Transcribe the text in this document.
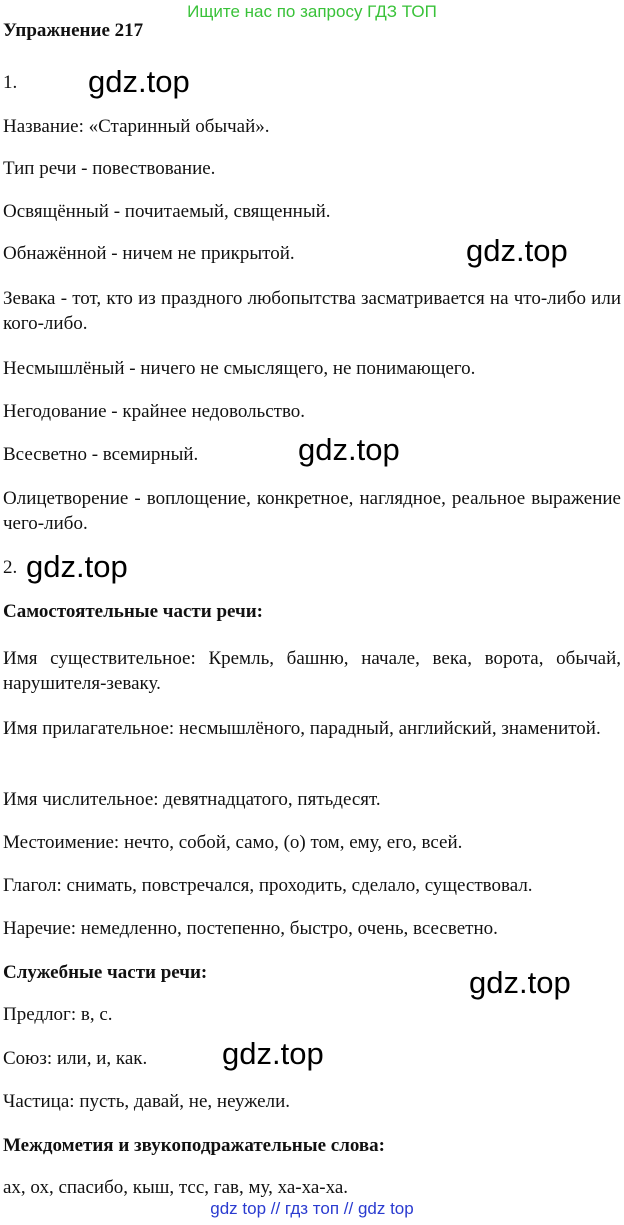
Ищите нас по запросу ГДЗ ТОП
Упражнение 217
1. gdz.top
Название: «Старинный обычай».
Тип речи - повествование.
Освящённый - почитаемый, священный.
Обнажённой - ничем не прикрытой.	gdz.top
Зевака - тот, кто из праздного любопытства засматривается на что-либо или кого-либо.
Несмышлёный - ничего не смыслящего, не понимающего.
Негодование - крайнее недовольство.
Всесветно - всемирный.	gdz.top
Олицетворение - воплощение, конкретное, наглядное, реальное выражение чего-либо.
2. gdz.top
Самостоятельные части речи:
Имя существительное: Кремль, башню, начале, века, ворота, обычай, нарушителя-зеваку.
Имя прилагательное: несмышлёного, парадный, английский, знаменитой.
Имя числительное: девятнадцатого, пятьдесят.
Местоимение: нечто, собой, само, (о) том, ему, его, всей.
Глагол: снимать, повстречался, проходить, сделало, существовал.
Наречие: немедленно, постепенно, быстро, очень, всесветно.
Служебные части речи:	gdz.top
Предлог: в, с.
Союз: или, и, как.	gdz.top
Частица: пусть, давай, не, неужели.
Междометия и звукоподражательные слова:
ах, ох, спасибо, кыш, тсс, гав, му, ха-ха-ха.
gdz top // гдз топ // gdz top
